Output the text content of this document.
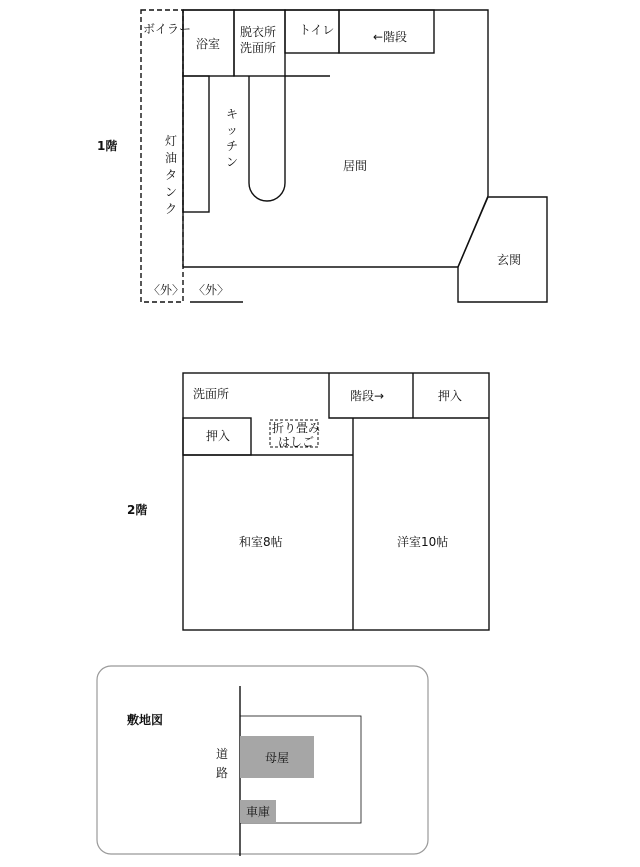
1階
ボイラー
浴室
脱衣所
洗面所
トイレ	←階段
キ
ッ
チ
ン
灯
油
タ
ン
ク
居間
玄関
〈外〉 〈外〉
2階
洗面所	階段→	押入
押入
折り畳み
はしご
和室8帖	洋室10帖
敷地図
道
路
母屋
車庫
